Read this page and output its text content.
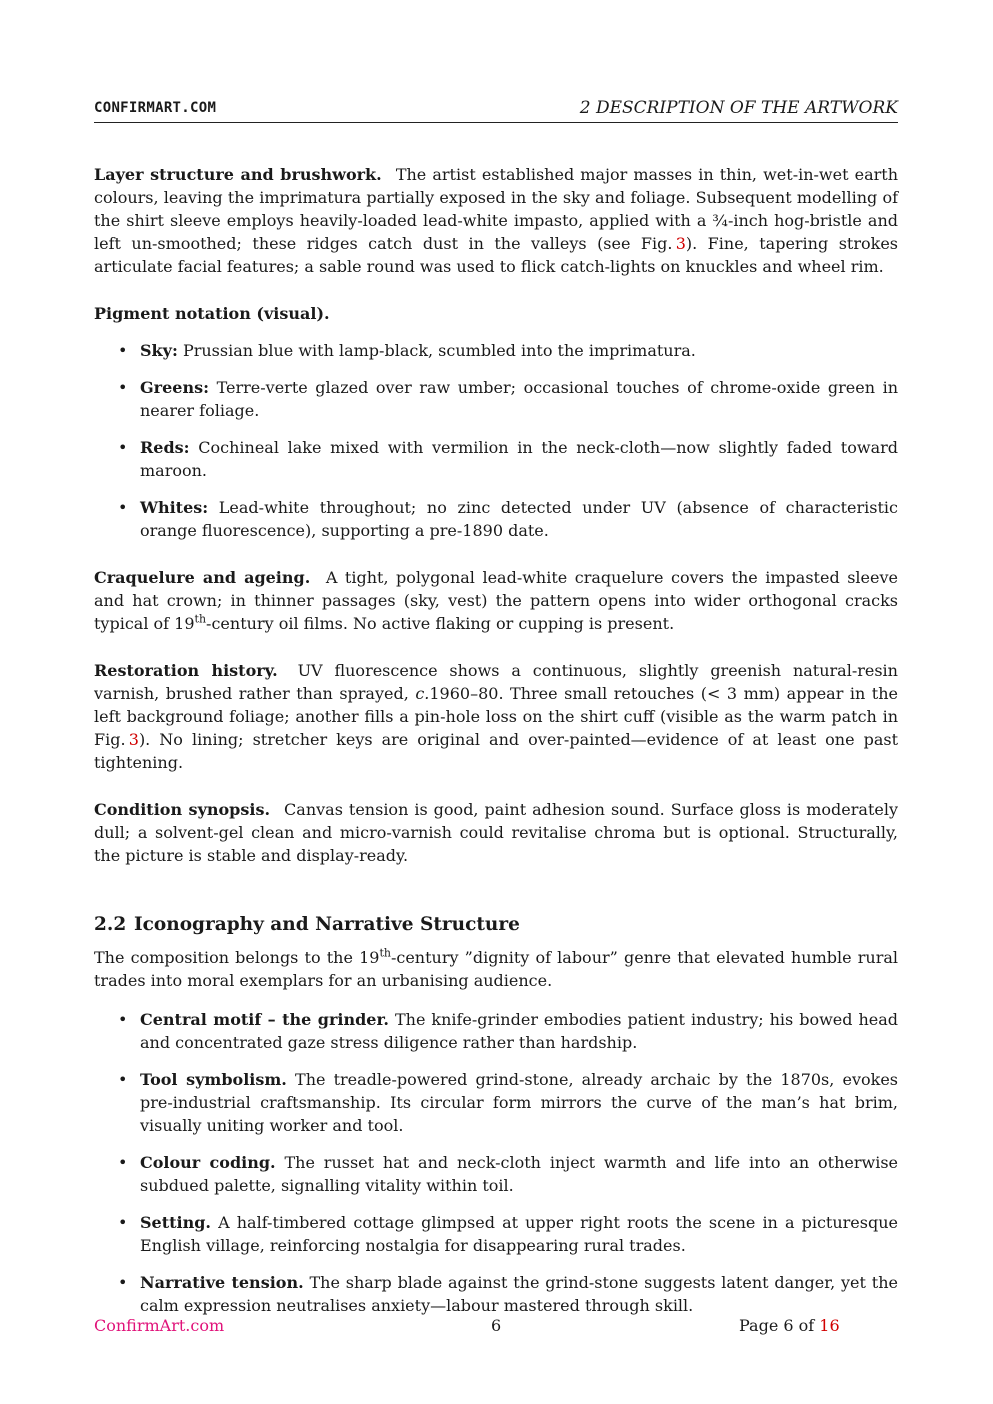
CONFIRMART.COM	2 DESCRIPTION OF THE ARTWORK

Layer structure and brushwork. The artist established major masses in thin, wet-in-wet earth colours, leaving the imprimatura partially exposed in the sky and foliage. Subsequent modelling of the shirt sleeve employs heavily-loaded lead-white impasto, applied with a ¾-inch hog-bristle and left un-smoothed; these ridges catch dust in the valleys (see Fig.  3). Fine, tapering strokes articulate facial features; a sable round was used to flick catch-lights on knuckles and wheel rim.

Pigment notation (visual).

• Sky: Prussian blue with lamp-black, scumbled into the imprimatura.
• Greens: Terre-verte glazed over raw umber; occasional touches of chrome-oxide green in nearer foliage.
• Reds: Cochineal lake mixed with vermilion in the neck-cloth—now slightly faded toward maroon.
• Whites: Lead-white throughout; no zinc detected under UV (absence of characteristic orange fluorescence), supporting a pre-1890 date.

Craquelure and ageing. A tight, polygonal lead-white craquelure covers the impasted sleeve and hat crown; in thinner passages (sky, vest) the pattern opens into wider orthogonal cracks typical of 19th-century oil films. No active flaking or cupping is present.

Restoration history. UV fluorescence shows a continuous, slightly greenish natural-resin varnish, brushed rather than sprayed, c.1960–80. Three small retouches (< 3 mm) appear in the left background foliage; another fills a pin-hole loss on the shirt cuff (visible as the warm patch in Fig.  3). No lining; stretcher keys are original and over-painted—evidence of at least one past tightening.

Condition synopsis. Canvas tension is good, paint adhesion sound. Surface gloss is moderately dull; a solvent-gel clean and micro-varnish could revitalise chroma but is optional. Structurally, the picture is stable and display-ready.

2.2 Iconography and Narrative Structure

The composition belongs to the 19th-century ”dignity of labour” genre that elevated humble rural trades into moral exemplars for an urbanising audience.

• Central motif – the grinder. The knife-grinder embodies patient industry; his bowed head and concentrated gaze stress diligence rather than hardship.
• Tool symbolism. The treadle-powered grind-stone, already archaic by the 1870s, evokes pre-industrial craftsmanship. Its circular form mirrors the curve of the man’s hat brim, visually uniting worker and tool.
• Colour coding. The russet hat and neck-cloth inject warmth and life into an otherwise subdued palette, signalling vitality within toil.
• Setting. A half-timbered cottage glimpsed at upper right roots the scene in a picturesque English village, reinforcing nostalgia for disappearing rural trades.
• Narrative tension. The sharp blade against the grind-stone suggests latent danger, yet the calm expression neutralises anxiety—labour mastered through skill.
ConfirmArt.com	6	Page 6 of 16
